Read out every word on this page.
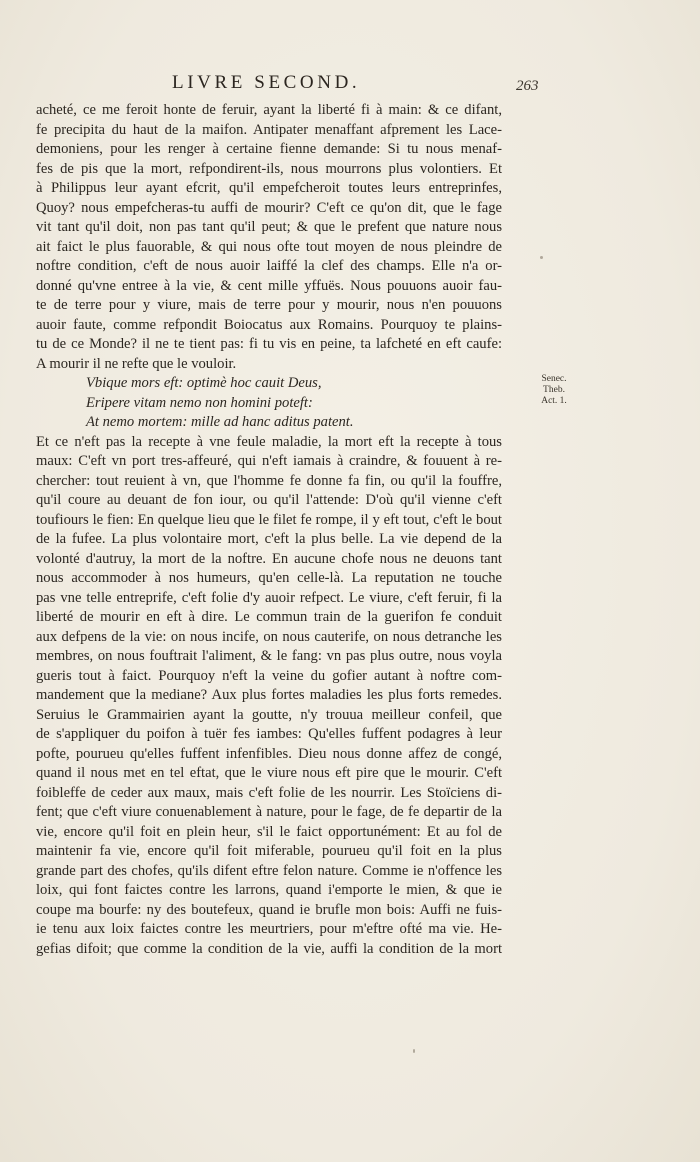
LIVRE SECOND.	263
acheté, ce me feroit honte de feruir, ayant la liberté fi à main: & ce difant,
fe precipita du haut de la maifon. Antipater menaffant afprement les Lace-
demoniens, pour les renger à certaine fienne demande: Si tu nous menaf-
fes de pis que la mort, refpondirent-ils, nous mourrons plus volontiers. Et
à Philippus leur ayant efcrit, qu'il empefcheroit toutes leurs entreprinfes,
Quoy? nous empefcheras-tu auffi de mourir? C'eft ce qu'on dit, que le fage
vit tant qu'il doit, non pas tant qu'il peut; & que le prefent que nature nous
ait faict le plus fauorable, & qui nous ofte tout moyen de nous pleindre de
noftre condition, c'eft de nous auoir laiffé la clef des champs. Elle n'a or-
donné qu'vne entree à la vie, & cent mille yffuës. Nous pouuons auoir fau-
te de terre pour y viure, mais de terre pour y mourir, nous n'en pouuons
auoir faute, comme refpondit Boiocatus aux Romains. Pourquoy te plains-
tu de ce Monde? il ne te tient pas: fi tu vis en peine, ta lafcheté en eft caufe:
A mourir il ne refte que le vouloir.
Vbique mors eft: optimè hoc cauit Deus,
Eripere vitam nemo non homini poteft:
At nemo mortem: mille ad hanc aditus patent.
Et ce n'eft pas la recepte à vne feule maladie, la mort eft la recepte à tous
maux: C'eft vn port tres-affeuré, qui n'eft iamais à craindre, & fouuent à re-
chercher: tout reuient à vn, que l'homme fe donne fa fin, ou qu'il la fouffre,
qu'il coure au deuant de fon iour, ou qu'il l'attende: D'où qu'il vienne c'eft
toufiours le fien: En quelque lieu que le filet fe rompe, il y eft tout, c'eft le bout
de la fufee. La plus volontaire mort, c'eft la plus belle. La vie depend de la
volonté d'autruy, la mort de la noftre. En aucune chofe nous ne deuons tant
nous accommoder à nos humeurs, qu'en celle-là. La reputation ne touche
pas vne telle entreprife, c'eft folie d'y auoir refpect. Le viure, c'eft feruir, fi la
liberté de mourir en eft à dire. Le commun train de la guerifon fe conduit
aux defpens de la vie: on nous incife, on nous cauterife, on nous detranche les
membres, on nous fouftrait l'aliment, & le fang: vn pas plus outre, nous voyla
gueris tout à faict. Pourquoy n'eft la veine du gofier autant à noftre com-
mandement que la mediane? Aux plus fortes maladies les plus forts remedes.
Seruius le Grammairien ayant la goutte, n'y trouua meilleur confeil, que
de s'appliquer du poifon à tuër fes iambes: Qu'elles fuffent podagres à leur
pofte, pourueu qu'elles fuffent infenfibles. Dieu nous donne affez de congé,
quand il nous met en tel eftat, que le viure nous eft pire que le mourir. C'eft
foibleffe de ceder aux maux, mais c'eft folie de les nourrir. Les Stoïciens di-
fent; que c'eft viure conuenablement à nature, pour le fage, de fe departir de la
vie, encore qu'il foit en plein heur, s'il le faict opportunément: Et au fol de
maintenir fa vie, encore qu'il foit miferable, pourueu qu'il foit en la plus
grande part des chofes, qu'ils difent eftre felon nature. Comme ie n'offence les
loix, qui font faictes contre les larrons, quand i'emporte le mien, & que ie
coupe ma bourfe: ny des boutefeux, quand ie brufle mon bois: Auffi ne fuis-
ie tenu aux loix faictes contre les meurtriers, pour m'eftre ofté ma vie. He-
gefias difoit; que comme la condition de la vie, auffi la condition de la mort
Senec.
Theb.
Act. 1.
